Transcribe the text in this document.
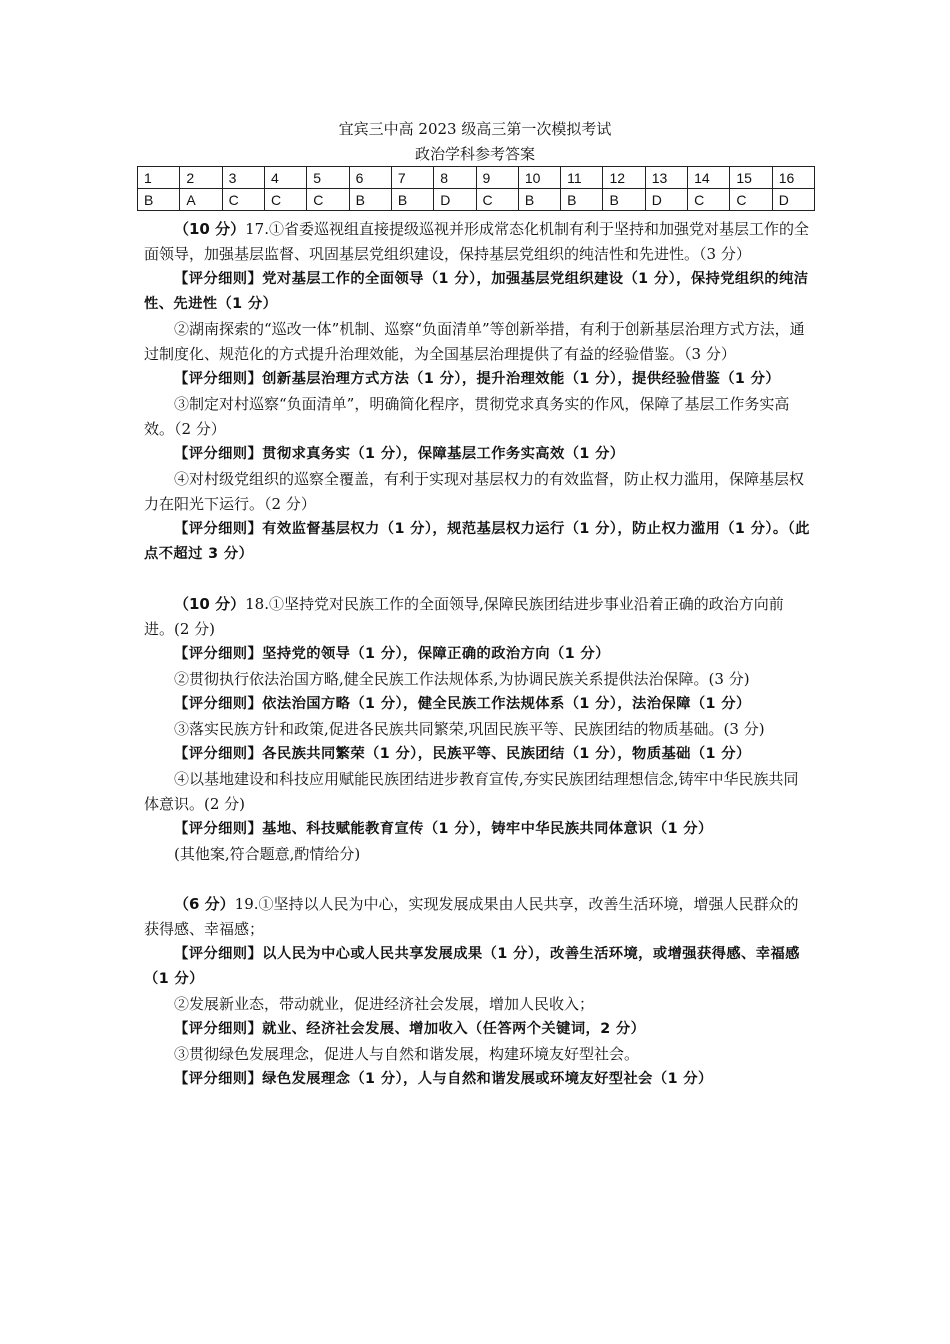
宜宾三中高 2023 级高三第一次模拟考试
政治学科参考答案
1	2	3	4	5	6	7	8	9	10	11	12	13	14	15	16
B	A	C	C	C	B	B	D	C	B	B	B	D	C	C	D

（10 分）17.①省委巡视组直接提级巡视并形成常态化机制有利于坚持和加强党对基层工作的全面领导，加强基层监督、巩固基层党组织建设，保持基层党组织的纯洁性和先进性。（3 分）

【评分细则】党对基层工作的全面领导（1 分），加强基层党组织建设（1 分），保持党组织的纯洁性、先进性（1 分）

②湖南探索的“巡改一体”机制、巡察“负面清单”等创新举措，有利于创新基层治理方式方法，通过制度化、规范化的方式提升治理效能，为全国基层治理提供了有益的经验借鉴。（3 分）

【评分细则】创新基层治理方式方法（1 分），提升治理效能（1 分），提供经验借鉴（1 分）

③制定对村巡察“负面清单”，明确简化程序，贯彻党求真务实的作风，保障了基层工作务实高效。（2 分）

【评分细则】贯彻求真务实（1 分），保障基层工作务实高效（1 分）

④对村级党组织的巡察全覆盖，有利于实现对基层权力的有效监督，防止权力滥用，保障基层权力在阳光下运行。（2 分）

【评分细则】有效监督基层权力（1 分），规范基层权力运行（1 分），防止权力滥用（1 分）。（此点不超过 3 分）

（10 分）18.①坚持党对民族工作的全面领导,保障民族团结进步事业沿着正确的政治方向前进。(2 分)

【评分细则】坚持党的领导（1 分），保障正确的政治方向（1 分）

②贯彻执行依法治国方略,健全民族工作法规体系,为协调民族关系提供法治保障。(3 分)

【评分细则】依法治国方略（1 分），健全民族工作法规体系（1 分），法治保障（1 分）

③落实民族方针和政策,促进各民族共同繁荣,巩固民族平等、民族团结的物质基础。(3 分)

【评分细则】各民族共同繁荣（1 分），民族平等、民族团结（1 分），物质基础（1 分）

④以基地建设和科技应用赋能民族团结进步教育宣传,夯实民族团结理想信念,铸牢中华民族共同体意识。(2 分)

【评分细则】基地、科技赋能教育宣传（1 分），铸牢中华民族共同体意识（1 分）

(其他案,符合题意,酌情给分)

（6 分）19.①坚持以人民为中心，实现发展成果由人民共享，改善生活环境，增强人民群众的获得感、幸福感；

【评分细则】以人民为中心或人民共享发展成果（1 分），改善生活环境，或增强获得感、幸福感（1 分）

②发展新业态，带动就业，促进经济社会发展，增加人民收入；

【评分细则】就业、经济社会发展、增加收入（任答两个关键词，2 分）

③贯彻绿色发展理念，促进人与自然和谐发展，构建环境友好型社会。

【评分细则】绿色发展理念（1 分），人与自然和谐发展或环境友好型社会（1 分）
